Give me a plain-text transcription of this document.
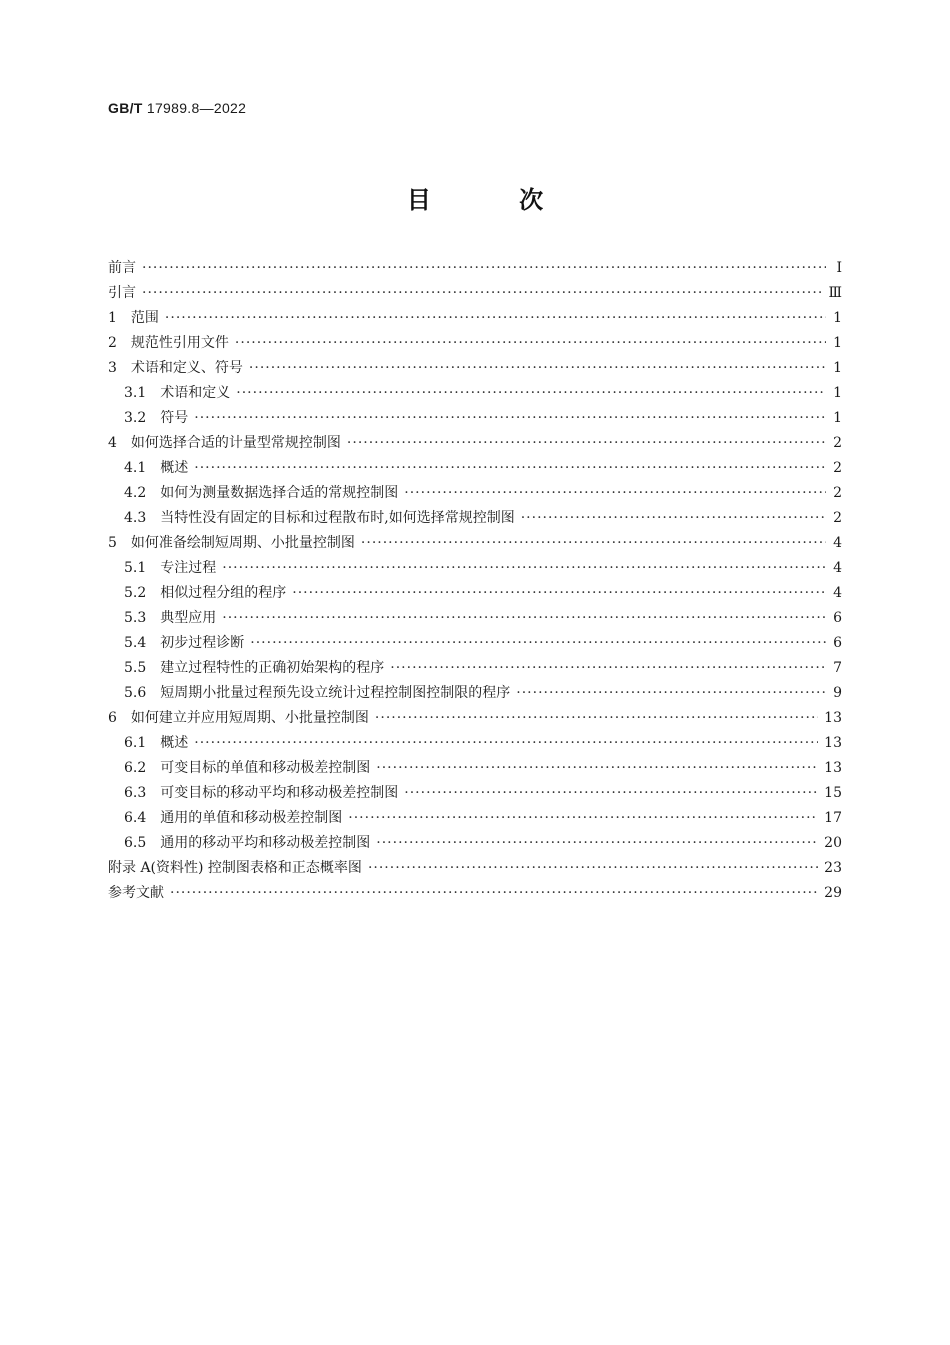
GB/T 17989.8—2022
目 次
前言 ·····	Ⅰ
引言 ·····	Ⅲ
1 范围 ·····	1
2 规范性引用文件 ·····	1
3 术语和定义、符号 ·····	1
3.1 术语和定义 ·····	1
3.2 符号 ·····	1
4 如何选择合适的计量型常规控制图 ·····	2
4.1 概述 ·····	2
4.2 如何为测量数据选择合适的常规控制图 ·····	2
4.3 当特性没有固定的目标和过程散布时,如何选择常规控制图 ·····	2
5 如何准备绘制短周期、小批量控制图 ·····	4
5.1 专注过程 ·····	4
5.2 相似过程分组的程序 ·····	4
5.3 典型应用 ·····	6
5.4 初步过程诊断 ·····	6
5.5 建立过程特性的正确初始架构的程序 ·····	7
5.6 短周期小批量过程预先设立统计过程控制图控制限的程序 ·····	9
6 如何建立并应用短周期、小批量控制图 ·····	13
6.1 概述 ·····	13
6.2 可变目标的单值和移动极差控制图 ·····	13
6.3 可变目标的移动平均和移动极差控制图 ·····	15
6.4 通用的单值和移动极差控制图 ·····	17
6.5 通用的移动平均和移动极差控制图 ·····	20
附录 A(资料性) 控制图表格和正态概率图 ·····	23
参考文献 ·····	29
